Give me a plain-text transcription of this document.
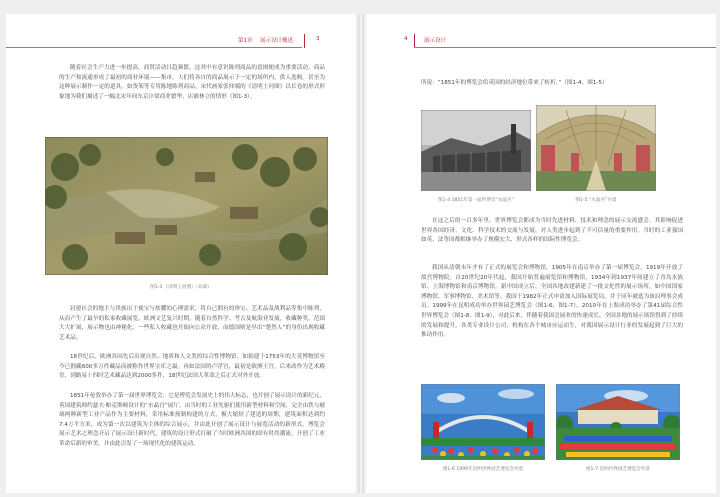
第1章 展示设计概述	3

随着社会生产力进一步提高，商贸活动日趋频繁，这其中有意识陈列商品的意图便成为重要活动。商品的生产和流通形成了最初的商业环境——集市。人们将各自的商品展示于一定的场所内，供人选购。甚至为这种展示制作一定的道具。如货架等专用陈地陈列商品。宋代画家张择端的《清明上河图》以长卷的形式形象地为我们描述了一幅北宋年间东京汴梁商业繁华、店铺林立的情形（图1-3）。

图1-3 《清明上河图》（局部）

封建社会的地主与贵族出于视宝与炫耀的心理需求，将自己拥有的珍宝、艺术品及战利品等集中陈列，从而产生了最早的私家收藏展览。欧洲文艺复兴时期，随着自然科学、考古及航海业发展，收藏种类、范围大大扩展，展示物也由神秘化、一些私人收藏也开始向公众开放，而德国则是早出“楚然人”的身份出现收藏艺术品。

18世纪后，欧洲各国先后出现自然、地质和人文类的综合性博物馆。如始建于1753年的大英博物馆至今已拥藏600多万件藏品而被称作世界宝库之最。再如法国的卢浮宫，最初是欧洲王宫，后来改作为艺术殿堂，到路易十四时艺术藏品达到2000多件，18世纪法国大革命之后正式对外开放。

1851年伦敦举办了第一届世界博览会，它是博览会发展史上的伟大标志，也开创了展示设计的新纪元，英国建筑师约瑟夫·帕克斯顿设计的“水晶宫”展厅，由当时的工业先驱们使用新型材料和空间，完全由铁与玻璃两种新型工业产品作为主要材料，采用标准预制构建的方式，极大缩短了建造的周期，建筑面积达到约7.4万平方米，成为第一次以建筑为主体的综合展示，并由此开创了展示设计与展览活动的新形式。博览会展示艺术之理念开启了展示设计新时代，建筑的设计形式打破了当时欧洲各国的固有时尚潮流，开创了工业革命后新的审美，并由此引发了一场现代化的建筑运动。

4	展示设计

所说：“1851年的博览会给英国的经济地位带来了转折。”（图1-4、图1-5）

图1-4 1851年第一届世博会“水晶宫”	图1-5 “水晶宫”内景

在这之后的一百多年里，世界博览会都成为当时先进材料、技术和理念的展示交流盛会。其影响促进世界各国经济、文化、科学技术的交流与发展，对人类进步起到了不可估量的重要作用。当时的工业强国如英、法等国都相继举办了规模宏大、形式各样的国际性博览会。

我国从清朝末年才有了正式的展览会和博物馆，1905年在南京举办了第一届博览会，1919年开放了故宫博物院。自20世纪20年代起，我国开始普遍展览馆和博物馆，1934年到1937年间建立了青岛水族馆、上海博物馆和南京博物馆。新中国成立后，全国各地改建新建了一批文化性的展示场所，如中国国家博物馆、军事博物馆、美术馆等。我国于1982年正式申请加入国际展览局，并于同年被选为该局理事会成员。1999年在昆明成功举办世界园艺博览会（图1-6、图1-7），2010年在上海成功举办了第41届综合性世界博览会（图1-8、图1-9），对此后来，伴随着我国会展业的快速成长，全国各地的展示场馆得到了持续的发展和提升。各类专业设计公司、机构在各个城市应运而生，对我国展示设计行业的发展起到了巨大的推动作用。

图1-6 1999年昆明世界园艺博览会外景	图1-7 昆明世界园艺博览会外景
